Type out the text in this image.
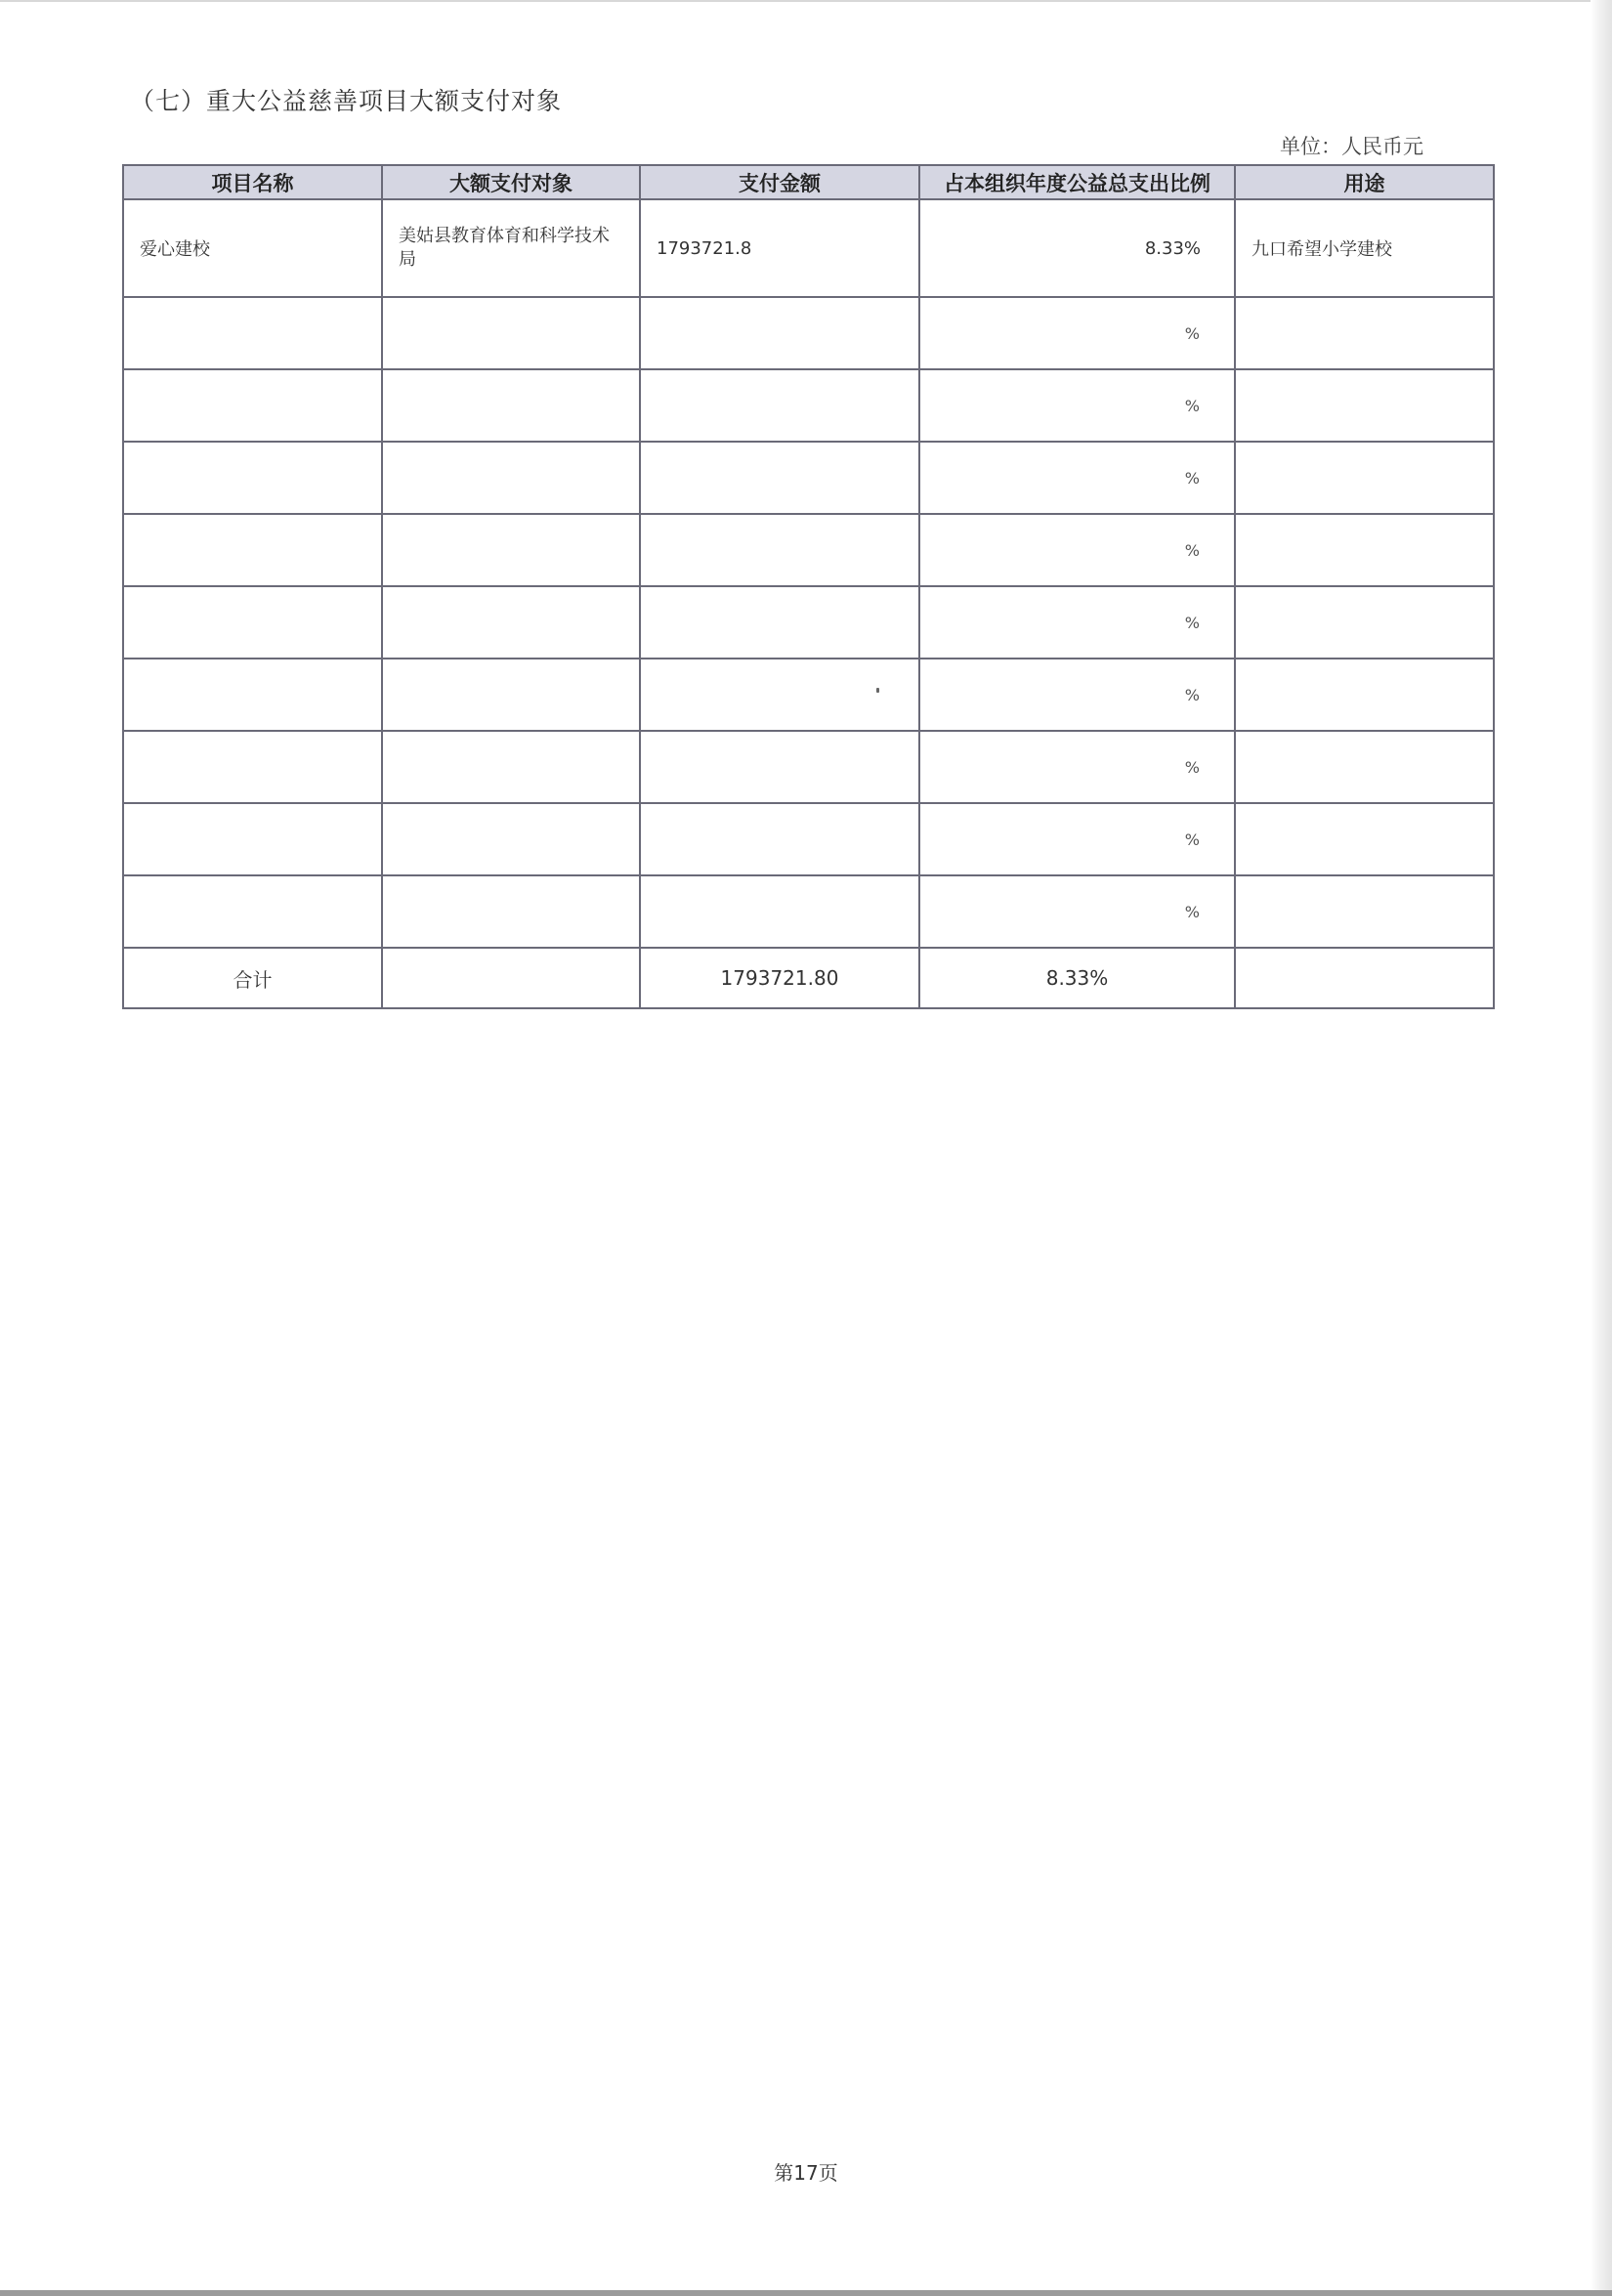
（七）重大公益慈善项目大额支付对象
单位：人民币元
项目名称	大额支付对象	支付金额	占本组织年度公益总支出比例	用途
爱心建校	美姑县教育体育和科学技术局	1793721.8	8.33%	九口希望小学建校
			%	
			%	
			%	
			%	
			%	
			%	
			%	
			%	
			%	
合计		1793721.80	8.33%	
第17页
